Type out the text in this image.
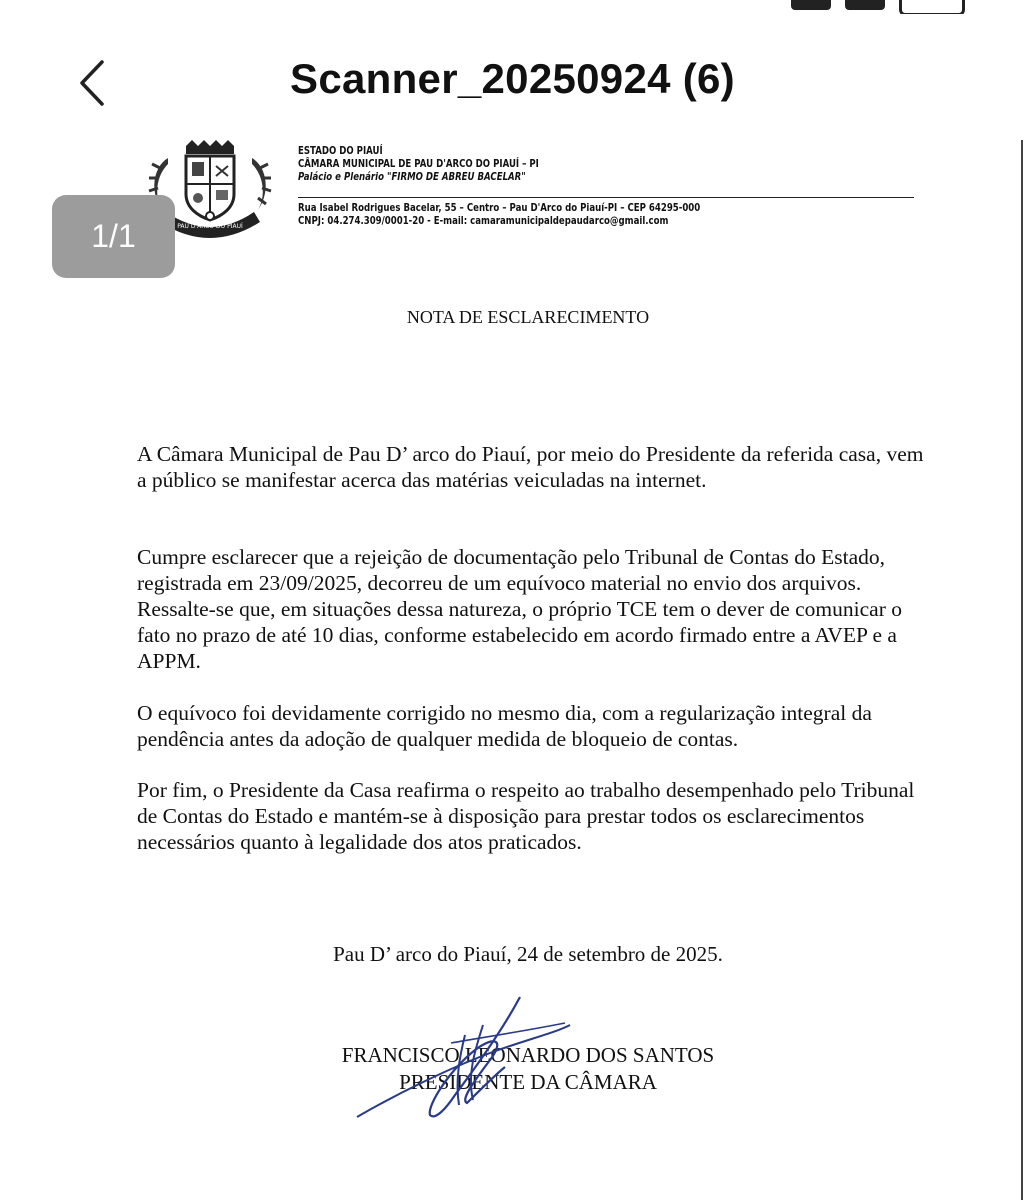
Scanner_20250924 (6)
1/1	PAU D'ARCO DO PIAUÍ
29.03.1997
ESTADO DO PIAUÍ
CÂMARA MUNICIPAL DE PAU D'ARCO DO PIAUÍ – PI
Palácio e Plenário "FIRMO DE ABREU BACELAR"
Rua Isabel Rodrigues Bacelar, 55 – Centro – Pau D'Arco do Piauí-PI – CEP 64295-000
CNPJ: 04.274.309/0001-20 - E-mail: camaramunicipaldepaudarco@gmail.com
NOTA DE ESCLARECIMENTO

A Câmara Municipal de Pau D’ arco do Piauí, por meio do Presidente da referida casa, vem a público se manifestar acerca das matérias veiculadas na internet.

Cumpre esclarecer que a rejeição de documentação pelo Tribunal de Contas do Estado, registrada em 23/09/2025, decorreu de um equívoco material no envio dos arquivos. Ressalte-se que, em situações dessa natureza, o próprio TCE tem o dever de comunicar o fato no prazo de até 10 dias, conforme estabelecido em acordo firmado entre a AVEP e a APPM.

O equívoco foi devidamente corrigido no mesmo dia, com a regularização integral da pendência antes da adoção de qualquer medida de bloqueio de contas.

Por fim, o Presidente da Casa reafirma o respeito ao trabalho desempenhado pelo Tribunal de Contas do Estado e mantém-se à disposição para prestar todos os esclarecimentos necessários quanto à legalidade dos atos praticados.

Pau D’ arco do Piauí, 24 de setembro de 2025.
FRANCISCO LEONARDO DOS SANTOS
PRESIDENTE DA CÂMARA
